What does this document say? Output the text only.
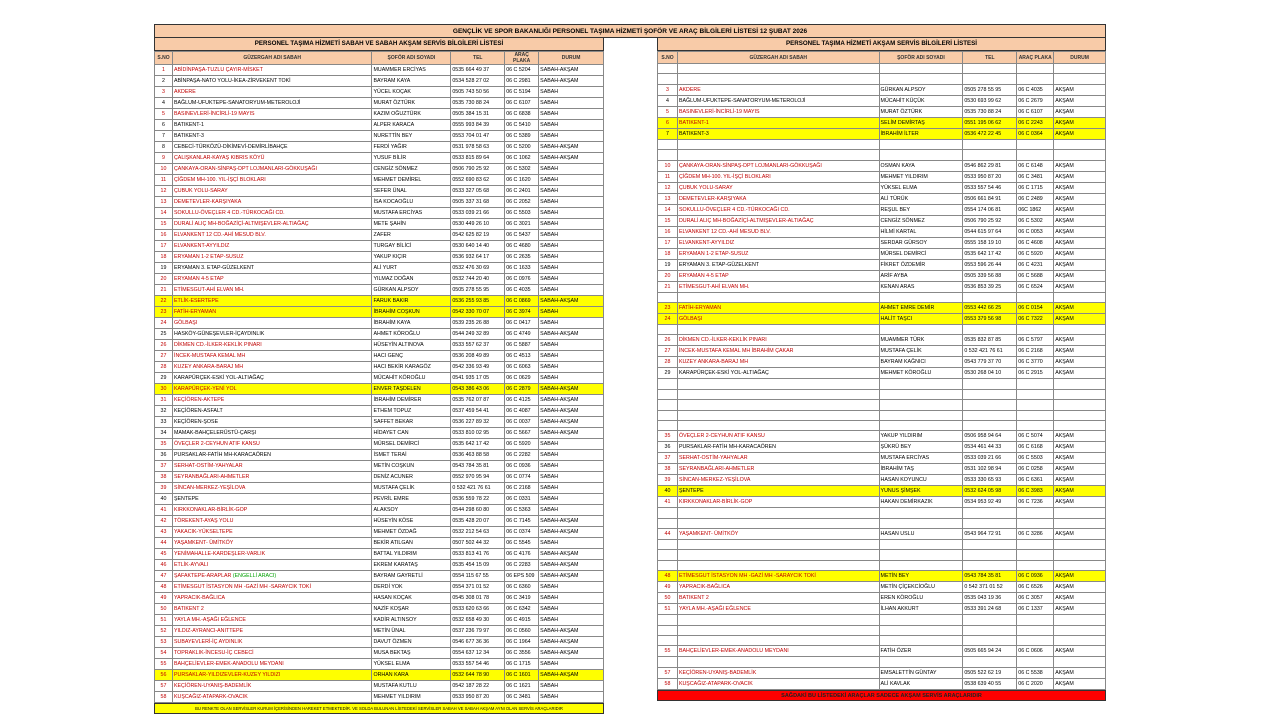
GENÇLİK VE SPOR BAKANLIĞI PERSONEL TAŞIMA HİZMETİ ŞOFÖR VE ARAÇ BİLGİLERİ LİSTESİ 12 ŞUBAT 2026
PERSONEL TAŞIMA HİZMETİ SABAH VE SABAH AKŞAM SERVİS BİLGİLERİ LİSTESİ
S.NO	GÜZERGAH ADI SABAH	ŞOFÖR ADI SOYADI	TEL	ARAÇ PLAKA	DURUM
1	ABİDİNPAŞA-TUZLU ÇAYIR-MİSKET	MUAMMER ERCİYAS	0535 664 49 37	06 C 5204	SABAH-AKŞAM
2	ABİNPAŞA-NATO YOLU-İKEA-ZİRVEKENT TOKİ	BAYRAM KAYA	0534 528 27 02	06 C 2981	SABAH-AKŞAM
3	AKDERE	YÜCEL KOÇAK	0505 743 50 56	06 C 5194	SABAH
4	BAĞLUM-UFUKTEPE-SANATORYUM-METEROLOJİ	MURAT ÖZTÜRK	0535 730 88 24	06 C 6107	SABAH
5	BASINEVLERİ-İNCİRLİ-19 MAYIS	KAZIM OĞUZTÜRK	0505 384 15 31	06 C 6838	SABAH
6	BATIKENT-1	ALPER KARACA	0555 993 84 39	06 C 5410	SABAH
7	BATIKENT-3	NURETTİN BEY	0553 704 01 47	06 C 5389	SABAH
8	CEBECİ-TÜRKÖZÜ-DİKİMEVİ-DEMİRLİBAHÇE	FERDİ YAĞIR	0531 978 58 63	06 C 5200	SABAH-AKŞAM
9	ÇALIŞKANLAR-KAYAŞ KIBRIS KÖYÜ	YUSUF BİLİR	0533 815 89 64	06 C 1062	SABAH-AKŞAM
10	ÇANKAYA-ORAN-SİNPAŞ-DPT LOJMANLARI-GÖKKUŞAĞI	CENGİZ SÖNMEZ	0506 790 25 92	06 C 5302	SABAH
11	ÇİĞDEM MH-100. YIL-İŞÇİ BLOKLARI	MEHMET DEMİREL	0552 690 83 62	06 C 1620	SABAH
12	ÇUBUK YOLU-SARAY	SEFER ÜNAL	0533 327 05 68	06 C 2401	SABAH
13	DEMETEVLER-KARŞIYAKA	İSA KOCAOĞLU	0505 337 31 68	06 C 2052	SABAH
14	SOKULLU-ÖVEÇLER 4 CD.-TÜRKOCAĞI CD.	MUSTAFA ERCİYAS	0533 039 21 66	06 C 5503	SABAH
15	DURALİ ALIÇ MH-BOĞAZİÇİ-ALTMIŞEVLER-ALTIAĞAÇ	METE ŞAHİN	0530 449 26 10	06 C 3021	SABAH
16	ELVANKENT 12 CD.-AHİ MESUD BLV.	ZAFER	0542 625 82 19	06 C 5437	SABAH
17	ELVANKENT-AYYILDIZ	TURGAY BİLİCİ	0530 640 14 40	06 C 4680	SABAH
18	ERYAMAN 1-2 ETAP-SUSUZ	YAKUP KIÇIR	0536 932 64 17	06 C 2635	SABAH
19	ERYAMAN 3. ETAP-GÜZELKENT	ALİ YURT	0532 476 30 69	06 C 1633	SABAH
20	ERYAMAN 4-5 ETAP	YILMAZ DOĞAN	0532 744 20 40	06 C 0976	SABAH
21	ETİMESGUT-AHİ ELVAN MH.	GÜRKAN ALPSOY	0505 278 55 95	06 C 4035	SABAH
22	ETLİK-ESERTEPE	FARUK BAKIR	0536 255 93 85	06 C 0869	SABAH-AKŞAM
23	FATİH-ERYAMAN	İBRAHİM COŞKUN	0542 330 70 07	06 C 3974	SABAH
24	GÖLBAŞI	İBRAHİM KAYA	0539 235 26 88	06 C 0417	SABAH
25	HASKÖY-GÜNEŞEVLER-İÇAYDINLIK	AHMET KÖROĞLU	0544 249 32 89	06 C 4749	SABAH-AKŞAM
26	DİKMEN CD.-İLKER-KEKLİK PINARI	HÜSEYİN ALTINOVA	0533 557 62 37	06 C 5887	SABAH
27	İNCEK-MUSTAFA KEMAL MH	HACI GENÇ	0536 208 49 89	06 C 4513	SABAH
28	KUZEY ANKARA-BARAJ MH	HACI BEKİR KARAGÖZ	0542 336 93 49	06 C 6063	SABAH
29	KARAPÜRÇEK-ESKİ YOL-ALTIAĞAÇ	MÜCAHİT KÖROĞLU	0541 935 17 05	06 C 0629	SABAH
30	KARAPÜRÇEK-YENİ YOL	ENVER TAŞDELEN	0543 386 43 06	06 C 2879	SABAH-AKŞAM
31	KEÇİÖREN-AKTEPE	İBRAHİM DEMİRER	0535 762 07 87	06 C 4125	SABAH-AKŞAM
32	KEÇİÖREN-ASFALT	ETHEM TOPUZ	0537 459 54 41	06 C 4087	SABAH-AKŞAM
33	KEÇİÖREN-ŞOSE	SAFFET BEKAR	0536 227 89 32	06 C 0037	SABAH-AKŞAM
34	MAMAK-BAHÇELERÜSTÜ-ÇARŞI	HİDAYET CAN	0533 810 02 95	06 C 5667	SABAH-AKŞAM
35	ÖVEÇLER 2-CEYHUN ATIF KANSU	MÜRSEL DEMİRCİ	0535 642 17 42	06 C 5920	SABAH
36	PURSAKLAR-FATİH MH-KARACAÖREN	İSMET TERAİ	0536 463 88 58	06 C 2282	SABAH
37	SERHAT-OSTİM-YAHYALAR	METİN COŞKUN	0543 784 35 81	06 C 0936	SABAH
38	SEYRANBAĞLARI-AHMETLER	DENİZ ACUNER	0552 970 95 94	06 C 0774	SABAH
39	SİNCAN-MERKEZ-YEŞİLOVA	MUSTAFA ÇELİK	0 532 421 76 61	06 C 2168	SABAH
40	ŞENTEPE	PEVRİL EMRE	0536 559 78 22	06 C 0331	SABAH
41	KIRKKONAKLAR-BİRLİK-GOP	ALAKSOY	0544 298 60 80	06 C 5363	SABAH
42	TÖREKENT-AYAŞ YOLU	HÜSEYİN KÖSE	0535 428 20 07	06 C 7145	SABAH-AKŞAM
43	YAKACIK-YÜKSELTEPE	MEHMET ÖZDAĞ	0532 212 54 63	06 C 0374	SABAH-AKŞAM
44	YAŞAMKENT- ÜMİTKÖY	BEKİR ATILGAN	0507 502 44 32	06 C 5545	SABAH
45	YENİMAHALLE-KARDEŞLER-VARLIK	BATTAL YILDIRIM	0533 813 41 76	06 C 4176	SABAH-AKŞAM
46	ETLİK-AYVALI	EKREM KARATAŞ	0535 454 15 09	06 C 2283	SABAH-AKŞAM
47	ŞAFAKTEPE-ARAPLAR (ENGELLİ ARACI)	BAYRAM GAYRETLİ	0554 115 67 55	06 EPS 509	SABAH-AKŞAM
48	ETİMESGUT İSTASYON MH -GAZİ MH -SARAYCIK TOKİ	DERDİ YOK	0554 371 01 52	06 C 6360	SABAH
49	YAPRACIK-BAĞLICA	HASAN KOÇAK	0545 308 01 78	06 C 3419	SABAH
50	BATIKENT 2	NAZİF KOŞAR	0533 620 63 66	06 C 6342	SABAH
51	YAYLA MH.-AŞAĞI EĞLENCE	KADİR ALTINSOY	0532 658 49 30	06 C 4915	SABAH
52	YILDIZ-AYRANCI-ANITTEPE	METİN ÜNAL	0537 236 79 97	06 C 0560	SABAH-AKŞAM
53	SUBAYEVLERİ-İÇ AYDINLIK	DAVUT ÖZMEN	0546 677 36 36	06 C 1964	SABAH-AKŞAM
54	TOPRAKLIK-İNCESU-İÇ CEBECİ	MUSA BEKTAŞ	0554 637 12 34	06 C 3556	SABAH-AKŞAM
55	BAHÇELİEVLER-EMEK-ANADOLU MEYDANI	YÜKSEL ELMA	0533 557 54 46	06 C 1715	SABAH
56	PURSAKLAR-YILDIZEVLER-KUZEY YILDIZI	ORHAN KARA	0532 644 78 90	06 C 1601	SABAH-AKŞAM
57	KEÇİÖREN-UYANIŞ-BADEMLİK	MUSTAFA KUTLU	0542 187 28 22	06 C 1621	SABAH
58	KUŞCAĞIZ-ATAPARK-OVACIK	MEHMET YILDIRIM	0533 950 87 20	06 C 3481	SABAH
BU RENKTE OLAN SERVİSLER KURUM İÇERİSİNDEN HAREKET ETMEKTEDİR. VE SOLDA BULUNAN LİSTEDEKİ SERVİSLER SABAH VE SABAH AKŞAM AYNI OLAN SERVİS ARAÇLARIDIR
PERSONEL TAŞIMA HİZMETİ AKŞAM SERVİS BİLGİLERİ LİSTESİ
S.NO	GÜZERGAH ADI SABAH	ŞOFÖR ADI SOYADI	TEL	ARAÇ PLAKA	DURUM

3	AKDERE	GÜRKAN ALPSOY	0505 278 55 95	06 C 4035	AKŞAM
4	BAĞLUM-UFUKTEPE-SANATORYUM-METEROLOJİ	MÜCAHİT KÜÇÜK	0530 693 99 62	06 C 2679	AKŞAM
5	BASINEVLERİ-İNCİRLİ-19 MAYIS	MURAT ÖZTÜRK	0535 730 88 24	06 C 6107	AKŞAM
6	BATIKENT-1	SELİM DEMİRTAŞ	0551 195 06 62	06 C 2243	AKŞAM
7	BATIKENT-3	İBRAHİM İLTER	0536 472 22 45	06 C 0364	AKŞAM

10	ÇANKAYA-ORAN-SİNPAŞ-DPT LOJMANLARI-GÖKKUŞAĞI	OSMAN KAYA	0546 862 29 81	06 C 6148	AKŞAM
11	ÇİĞDEM MH-100. YIL-İŞÇİ BLOKLARI	MEHMET YILDIRIM	0533 950 87 20	06 C 3481	AKŞAM
12	ÇUBUK YOLU-SARAY	YÜKSEL ELMA	0533 557 54 46	06 C 1715	AKŞAM
13	DEMETEVLER-KARŞIYAKA	ALİ TÜRÜK	0506 661 84 91	06 C 2489	AKŞAM
14	SOKULLU-ÖVEÇLER 4 CD.-TÜRKOCAĞI CD.	REŞUL BEY	0554 174 06 81	06C 1862	AKŞAM
15	DURALİ ALIÇ MH-BOĞAZİÇİ-ALTMIŞEVLER-ALTIAĞAÇ	CENGİZ SÖNMEZ	0506 790 25 92	06 C 5302	AKŞAM
16	ELVANKENT 12 CD.-AHİ MESUD BLV.	HİLMİ KARTAL	0544 615 97 64	06 C 0053	AKŞAM
17	ELVANKENT-AYYILDIZ	SERDAR GÜRSOY	0555 158 19 10	06 C 4608	AKŞAM
18	ERYAMAN 1-2 ETAP-SUSUZ	MÜRSEL DEMİRCİ	0535 642 17 42	06 C 5920	AKŞAM
19	ERYAMAN 3. ETAP-GÜZELKENT	FİKRET ÖZDEMİR	0553 596 26 44	06 C 4231	AKŞAM
20	ERYAMAN 4-5 ETAP	ARİF AYBA	0505 339 56 88	06 C 5688	AKŞAM
21	ETİMESGUT-AHİ ELVAN MH.	KENAN ARAS	0536 853 39 25	06 C 6524	AKŞAM

23	FATİH-ERYAMAN	AHMET EMRE DEMİR	0553 442 66 25	06 C 0154	AKŞAM
24	GÖLBAŞI	HALİT TAŞCI	0553 379 56 98	06 C 7322	AKŞAM

26	DİKMEN CD.-İLKER-KEKLİK PINARI	MUAMMER TÜRK	0535 832 87 85	06 C 5797	AKŞAM
27	İNCEK-MUSTAFA KEMAL MH İBRAHİM ÇAKAR	MUSTAFA ÇELİK	0 532 421 76 61	06 C 2168	AKŞAM
28	KUZEY ANKARA-BARAJ MH	BAYRAM KAĞNICI	0543 779 37 70	06 C 3770	AKŞAM
29	KARAPÜRÇEK-ESKİ YOL-ALTIAĞAÇ	MEHMET KÖROĞLU	0530 268 04 10	06 C 2915	AKŞAM

35	ÖVEÇLER 2-CEYHUN ATIF KANSU	YAKUP YILDIRIM	0506 958 94 64	06 C 5074	AKŞAM
36	PURSAKLAR-FATİH MH-KARACAÖREN	ŞÜKRÜ BEY	0534 461 44 33	06 C 6168	AKŞAM
37	SERHAT-OSTİM-YAHYALAR	MUSTAFA ERCİYAS	0533 039 21 66	06 C 5503	AKŞAM
38	SEYRANBAĞLARI-AHMETLER	İBRAHİM TAŞ	0531 102 98 94	06 C 0258	AKŞAM
39	SİNCAN-MERKEZ-YEŞİLOVA	HASAN KOYUNCU	0533 330 65 93	06 C 6361	AKŞAM
40	ŞENTEPE	YUNUS ŞİMŞEK	0532 624 05 98	06 C 3983	AKŞAM
41	KIRKKONAKLAR-BİRLİK-GOP	HAKAN DEMİRKAZIK	0534 953 92 49	06 C 7236	AKŞAM

44	YAŞAMKENT- ÜMİTKÖY	HASAN USLU	0543 964 72 91	06 C 3286	AKŞAM

48	ETİMESGUT İSTASYON MH -GAZİ MH -SARAYCIK TOKİ	METİN BEY	0543 784 35 81	06 C 0936	AKŞAM
49	YAPRACIK-BAĞLICA	METİN ÇİÇEKCİOĞLU	0 542 371 01 52	06 C 6526	AKŞAM
50	BATIKENT 2	EREN KÖROĞLU	0535 043 19 36	06 C 3057	AKŞAM
51	YAYLA MH.-AŞAĞI EĞLENCE	İLHAN AKKURT	0533 391 24 68	06 C 1337	AKŞAM

55	BAHÇELİEVLER-EMEK-ANADOLU MEYDANI	FATİH ÖZER	0505 665 94 24	06 C 0606	AKŞAM

57	KEÇİÖREN-UYANIŞ-BADEMLİK	EMSALETTİN GÜNTAY	0505 522 62 19	06 C 5538	AKŞAM
58	KUŞCAĞIZ-ATAPARK-OVACIK	ALİ KAVLAK	0538 639 40 55	06 C 2020	AKŞAM
SAĞDAKİ BU LİSTEDEKİ ARAÇLAR SADECE AKŞAM SERVİS ARAÇLARIDIR
